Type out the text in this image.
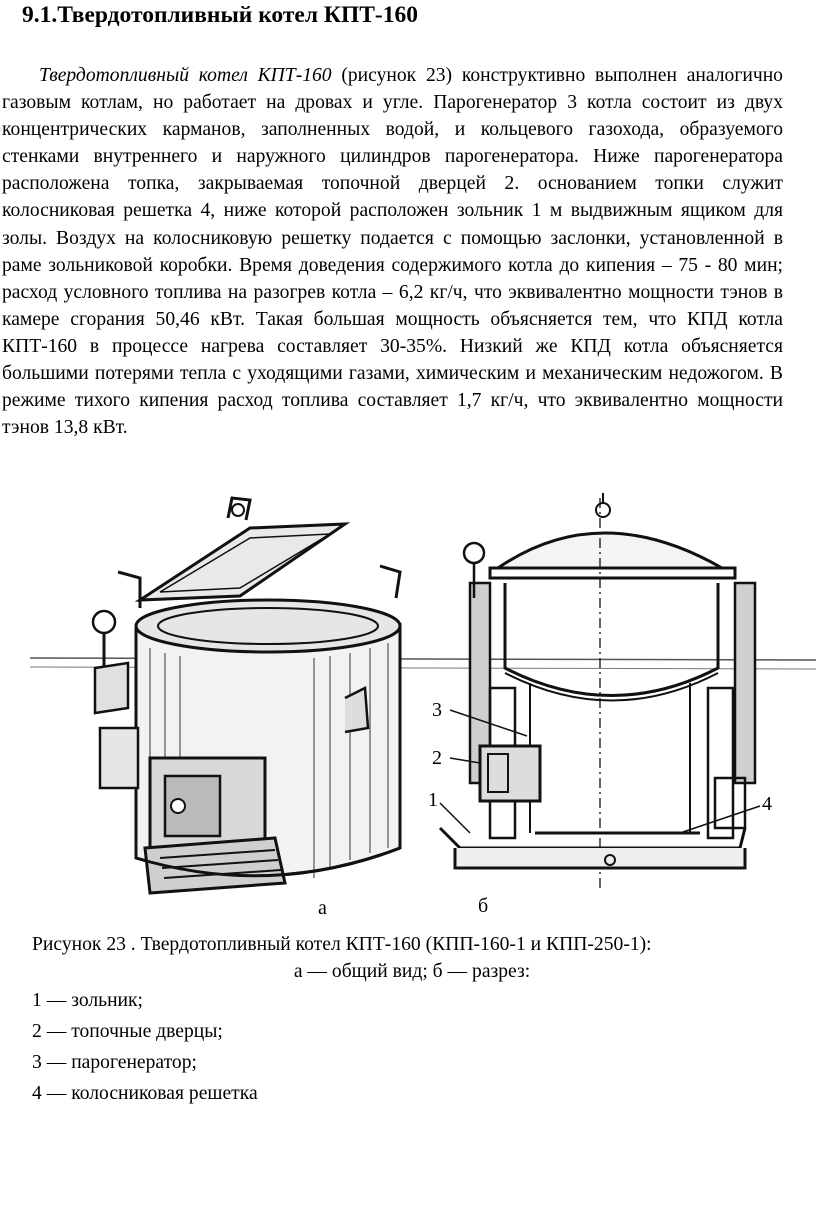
9.1.Твердотопливный котел КПТ-160

Твердотопливный котел КПТ-160 (рисунок 23) конструктивно выполнен аналогично газовым котлам, но работает на дровах и угле. Парогенератор 3 котла состоит из двух концентрических карманов, заполненных водой, и кольцевого газохода, образуемого стенками внутреннего и наружного цилиндров парогенератора. Ниже парогенератора расположена топка, закрываемая топочной дверцей 2. основанием топки служит колосниковая решетка 4, ниже которой расположен зольник 1 м выдвижным ящиком для золы. Воздух на колосниковую решетку подается с помощью заслонки, установленной в раме зольниковой коробки. Время доведения содержимого котла до кипения – 75 - 80 мин; расход условного топлива на разогрев котла – 6,2 кг/ч, что эквивалентно мощности тэнов в камере сгорания 50,46 кВт. Такая большая мощность объясняется тем, что КПД котла КПТ-160 в процессе нагрева составляет 30-35%. Низкий же КПД котла объясняется большими потерями тепла с уходящими газами, химическим и механическим недожогом. В режиме тихого кипения расход топлива составляет 1,7 кг/ч, что эквивалентно мощности тэнов 13,8 кВт.

а	б
1
2
3
4
Рисунок 23 . Твердотопливный котел КПТ-160 (КПП-160-1 и КПП-250-1):
а — общий вид; б — разрез:
1 — зольник;
2 — топочные дверцы;
3 — парогенератор;
4 — колосниковая решетка
